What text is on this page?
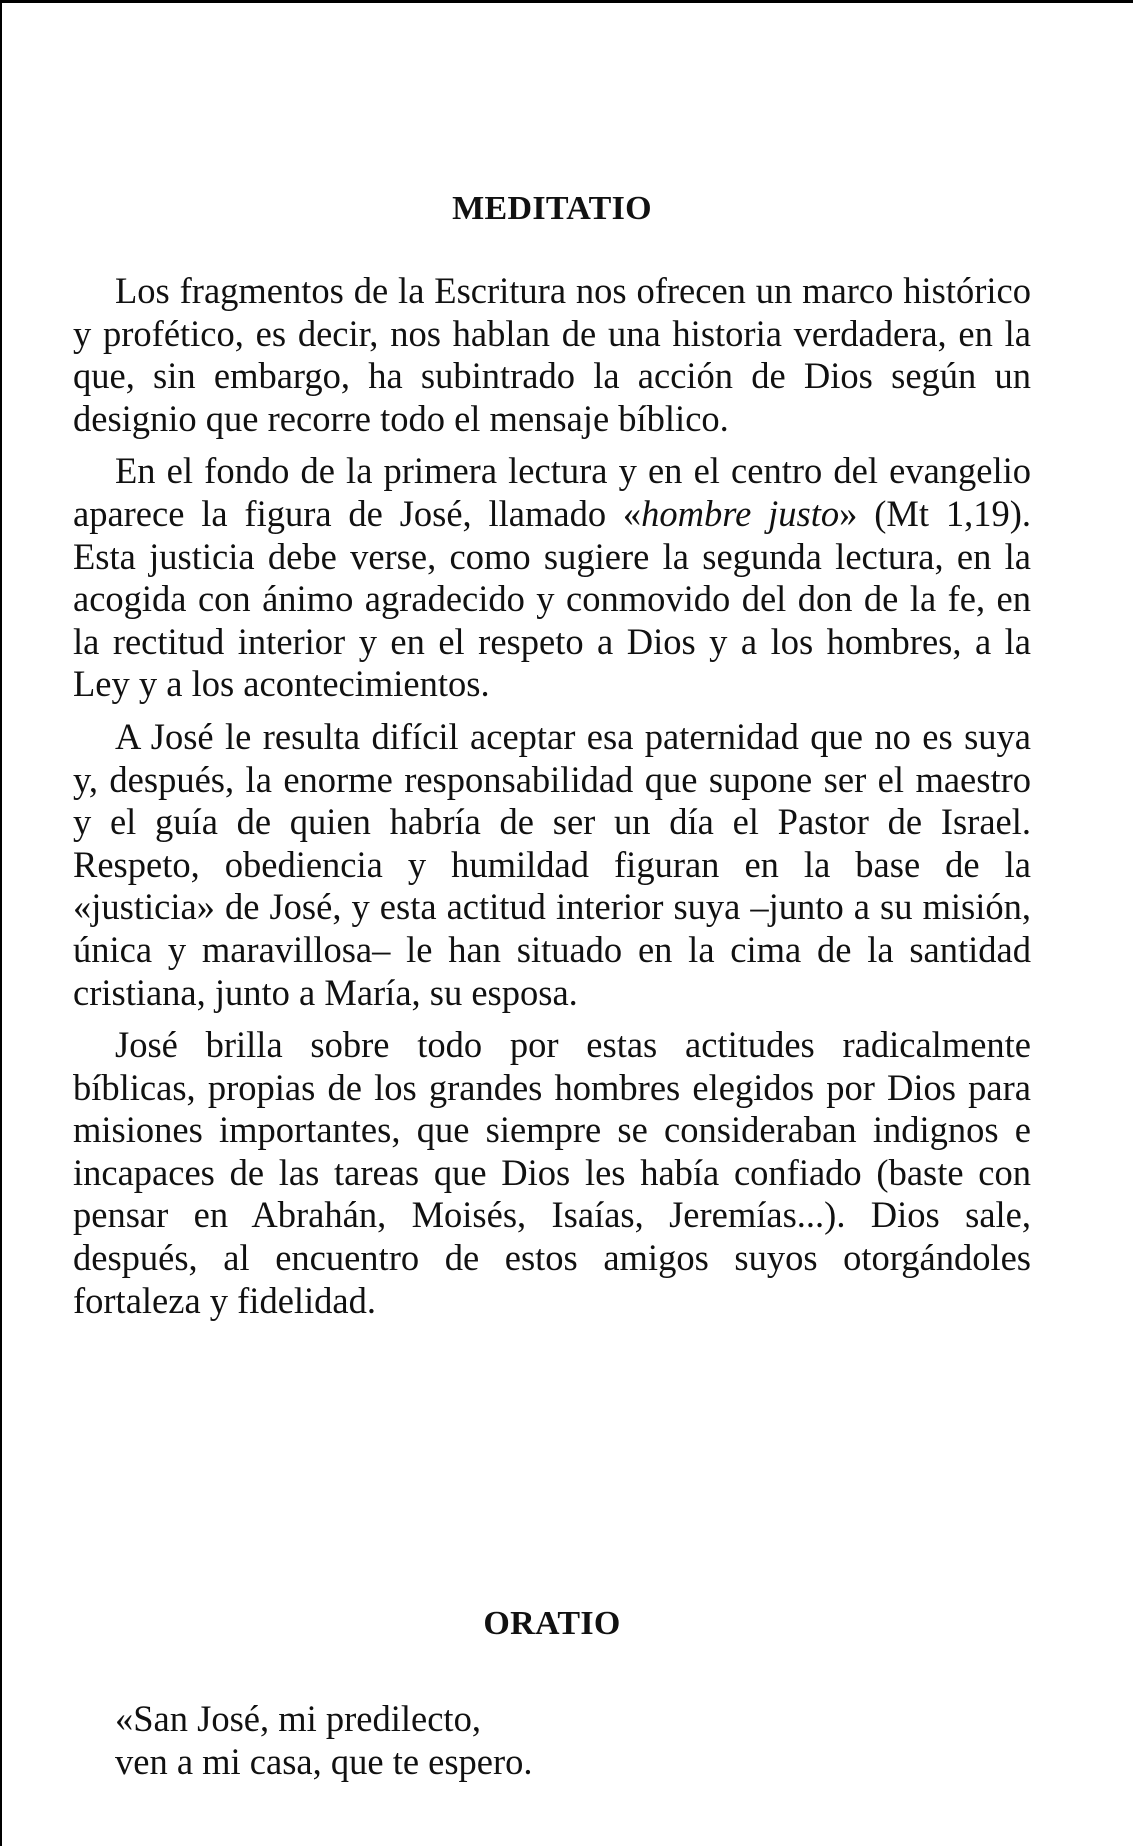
MEDITATIO

Los fragmentos de la Escritura nos ofrecen un marco histórico y profético, es decir, nos hablan de una historia verdadera, en la que, sin embargo, ha subintrado la acción de Dios según un designio que recorre todo el mensaje bíblico.

En el fondo de la primera lectura y en el centro del evangelio aparece la figura de José, llamado «hombre justo» (Mt 1,19). Esta justicia debe verse, como sugiere la segunda lectura, en la acogida con ánimo agradecido y conmovido del don de la fe, en la rectitud interior y en el respeto a Dios y a los hombres, a la Ley y a los acontecimientos.

A José le resulta difícil aceptar esa paternidad que no es suya y, después, la enorme responsabilidad que supone ser el maestro y el guía de quien habría de ser un día el Pastor de Israel. Respeto, obediencia y humildad figuran en la base de la «justicia» de José, y esta actitud interior suya –junto a su misión, única y maravillosa– le han situado en la cima de la santidad cristiana, junto a María, su esposa.

José brilla sobre todo por estas actitudes radicalmente bíblicas, propias de los grandes hombres elegidos por Dios para misiones importantes, que siempre se consideraban indignos e incapaces de las tareas que Dios les había confiado (baste con pensar en Abrahán, Moisés, Isaías, Jeremías...). Dios sale, después, al encuentro de estos amigos suyos otorgándoles fortaleza y fidelidad.

ORATIO

«San José, mi predilecto,
ven a mi casa, que te espero.
